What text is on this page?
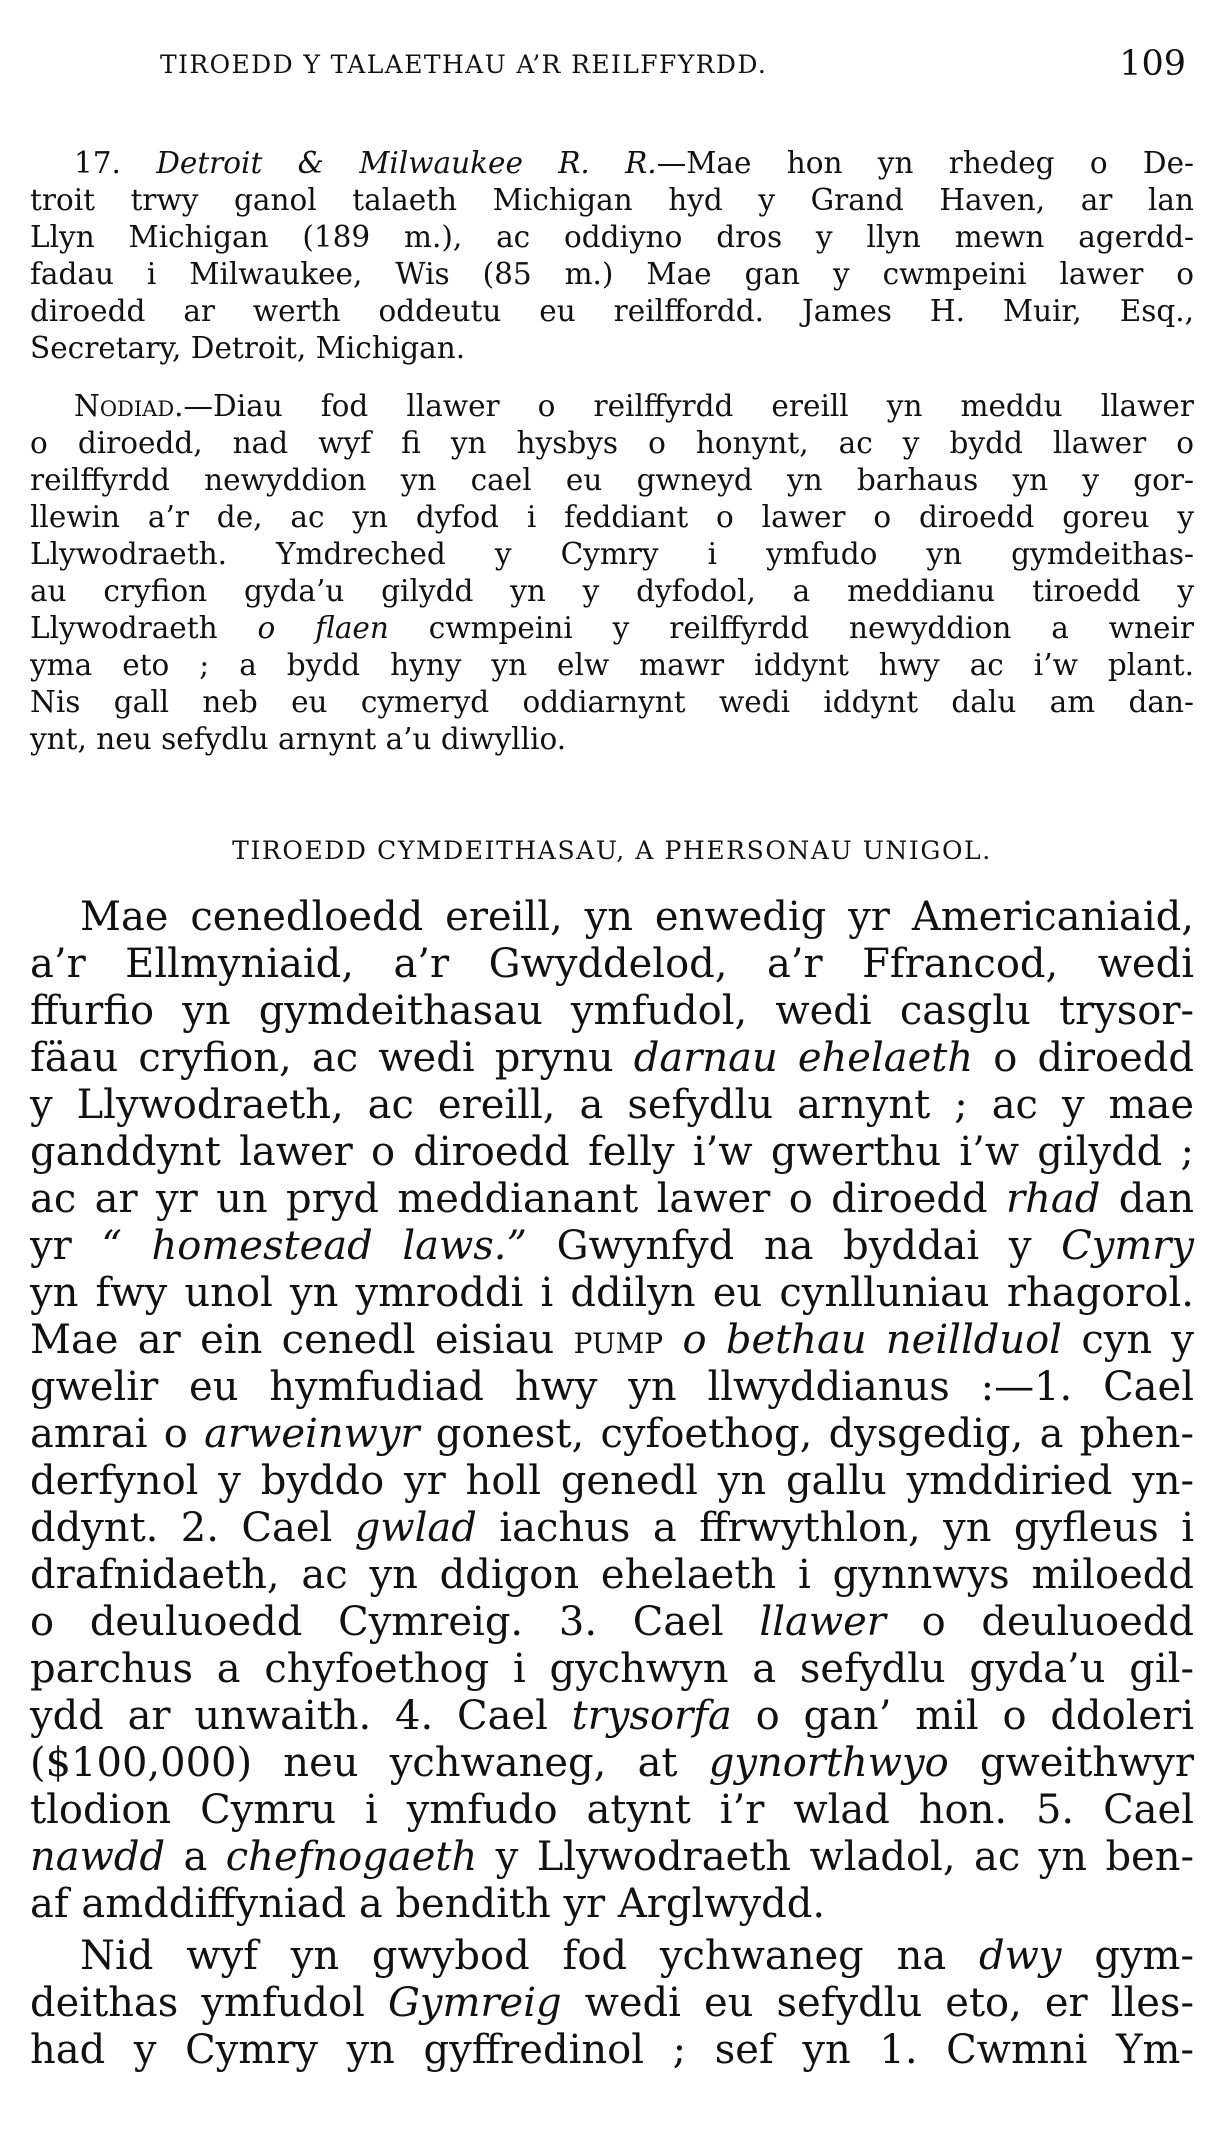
TIROEDD Y TALAETHAU A’R REILFFYRDD.	109
17. Detroit & Milwaukee R. R.—Mae hon yn rhedeg o De-
troit trwy ganol talaeth Michigan hyd y Grand Haven, ar lan
Llyn Michigan (189 m.), ac oddiyno dros y llyn mewn agerdd-
fadau i Milwaukee, Wis (85 m.) Mae gan y cwmpeini lawer o
diroedd ar werth oddeutu eu reilffordd. James H. Muir, Esq.,
Secretary, Detroit, Michigan.
Nodiad.—Diau fod llawer o reilffyrdd ereill yn meddu llawer
o diroedd, nad wyf fi yn hysbys o honynt, ac y bydd llawer o
reilffyrdd newyddion yn cael eu gwneyd yn barhaus yn y gor-
llewin a’r de, ac yn dyfod i feddiant o lawer o diroedd goreu y
Llywodraeth. Ymdreched y Cymry i ymfudo yn gymdeithas-
au cryfion gyda’u gilydd yn y dyfodol, a meddianu tiroedd y
Llywodraeth o flaen cwmpeini y reilffyrdd newyddion a wneir
yma eto ; a bydd hyny yn elw mawr iddynt hwy ac i’w plant.
Nis gall neb eu cymeryd oddiarnynt wedi iddynt dalu am dan-
ynt, neu sefydlu arnynt a’u diwyllio.
TIROEDD CYMDEITHASAU, A PHERSONAU UNIGOL.
Mae cenedloedd ereill, yn enwedig yr Americaniaid,
a’r Ellmyniaid, a’r Gwyddelod, a’r Ffrancod, wedi
ffurfio yn gymdeithasau ymfudol, wedi casglu trysor-
fäau cryfion, ac wedi prynu darnau ehelaeth o diroedd
y Llywodraeth, ac ereill, a sefydlu arnynt ; ac y mae
ganddynt lawer o diroedd felly i’w gwerthu i’w gilydd ;
ac ar yr un pryd meddianant lawer o diroedd rhad dan
yr “ homestead laws.” Gwynfyd na byddai y Cymry
yn fwy unol yn ymroddi i ddilyn eu cynlluniau rhagorol.
Mae ar ein cenedl eisiau pump o bethau neillduol cyn y
gwelir eu hymfudiad hwy yn llwyddianus :—1. Cael
amrai o arweinwyr gonest, cyfoethog, dysgedig, a phen-
derfynol y byddo yr holl genedl yn gallu ymddiried yn-
ddynt. 2. Cael gwlad iachus a ffrwythlon, yn gyfleus i
drafnidaeth, ac yn ddigon ehelaeth i gynnwys miloedd
o deuluoedd Cymreig. 3. Cael llawer o deuluoedd
parchus a chyfoethog i gychwyn a sefydlu gyda’u gil-
ydd ar unwaith. 4. Cael trysorfa o gan’ mil o ddoleri
($100,000) neu ychwaneg, at gynorthwyo gweithwyr
tlodion Cymru i ymfudo atynt i’r wlad hon. 5. Cael
nawdd a chefnogaeth y Llywodraeth wladol, ac yn ben-
af amddiffyniad a bendith yr Arglwydd.
Nid wyf yn gwybod fod ychwaneg na dwy gym-
deithas ymfudol Gymreig wedi eu sefydlu eto, er lles-
had y Cymry yn gyffredinol ; sef yn 1. Cwmni Ym-
